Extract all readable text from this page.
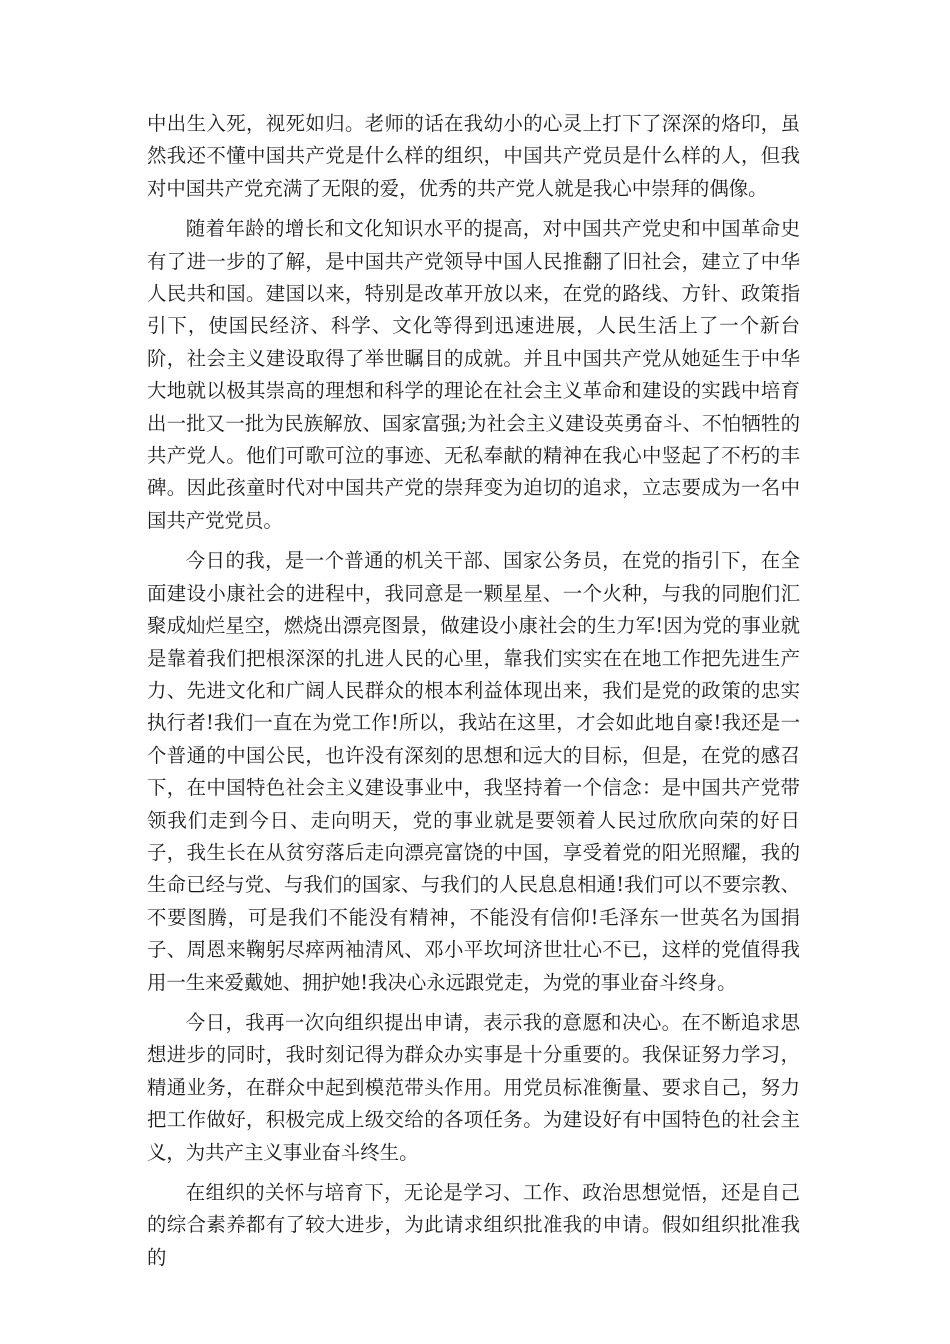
中出生入死，视死如归。老师的话在我幼小的心灵上打下了深深的烙印，虽然我还不懂中国共产党是什么样的组织，中国共产党员是什么样的人，但我对中国共产党充满了无限的爱，优秀的共产党人就是我心中崇拜的偶像。

随着年龄的增长和文化知识水平的提高，对中国共产党史和中国革命史有了进一步的了解，是中国共产党领导中国人民推翻了旧社会，建立了中华人民共和国。建国以来，特别是改革开放以来，在党的路线、方针、政策指引下，使国民经济、科学、文化等得到迅速进展，人民生活上了一个新台阶，社会主义建设取得了举世瞩目的成就。并且中国共产党从她延生于中华大地就以极其崇高的理想和科学的理论在社会主义革命和建设的实践中培育出一批又一批为民族解放、国家富强;为社会主义建设英勇奋斗、不怕牺牲的共产党人。他们可歌可泣的事迹、无私奉献的精神在我心中竖起了不朽的丰碑。因此孩童时代对中国共产党的崇拜变为迫切的追求，立志要成为一名中国共产党党员。

今日的我，是一个普通的机关干部、国家公务员，在党的指引下，在全面建设小康社会的进程中，我同意是一颗星星、一个火种，与我的同胞们汇聚成灿烂星空，燃烧出漂亮图景，做建设小康社会的生力军!因为党的事业就是靠着我们把根深深的扎进人民的心里，靠我们实实在在地工作把先进生产力、先进文化和广阔人民群众的根本利益体现出来，我们是党的政策的忠实执行者!我们一直在为党工作!所以，我站在这里，才会如此地自豪!我还是一个普通的中国公民，也许没有深刻的思想和远大的目标，但是，在党的感召下，在中国特色社会主义建设事业中，我坚持着一个信念：是中国共产党带领我们走到今日、走向明天，党的事业就是要领着人民过欣欣向荣的好日子，我生长在从贫穷落后走向漂亮富饶的中国，享受着党的阳光照耀，我的生命已经与党、与我们的国家、与我们的人民息息相通!我们可以不要宗教、不要图腾，可是我们不能没有精神，不能没有信仰!毛泽东一世英名为国捐子、周恩来鞠躬尽瘁两袖清风、邓小平坎坷济世壮心不已，这样的党值得我用一生来爱戴她、拥护她!我决心永远跟党走，为党的事业奋斗终身。

今日，我再一次向组织提出申请，表示我的意愿和决心。在不断追求思想进步的同时，我时刻记得为群众办实事是十分重要的。我保证努力学习，精通业务，在群众中起到模范带头作用。用党员标准衡量、要求自己，努力把工作做好，积极完成上级交给的各项任务。为建设好有中国特色的社会主义，为共产主义事业奋斗终生。

在组织的关怀与培育下，无论是学习、工作、政治思想觉悟，还是自己的综合素养都有了较大进步，为此请求组织批准我的申请。假如组织批准我的
